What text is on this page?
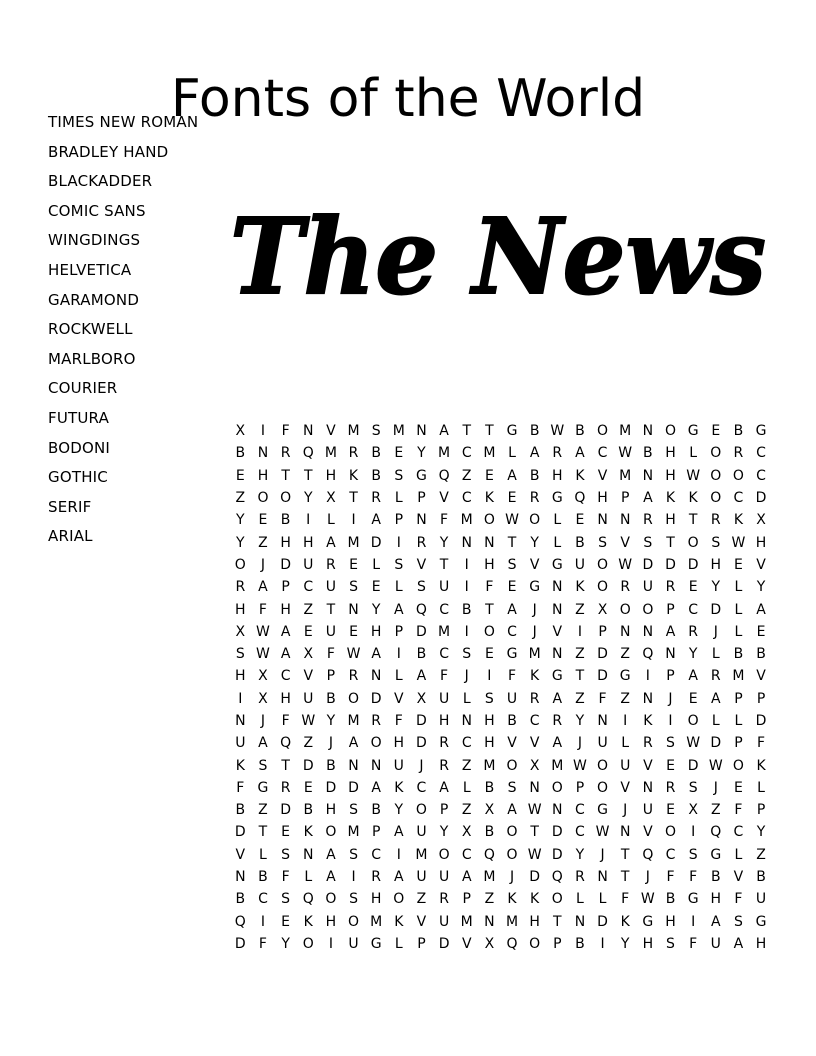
Fonts of the World
TIMES NEW ROMAN
BRADLEY HAND
BLACKADDER
COMIC SANS
WINGDINGS
HELVETICA
GARAMOND
ROCKWELL
MARLBORO
COURIER
FUTURA
BODONI
GOTHIC
SERIF
ARIAL
The News
X	I	F	N	V	M	S	M	N	A	T	T	G	B	W	B	O	M	N	O	G	E	B	G
B	N	R	Q	M	R	B	E	Y	M	C	M	L	A	R	A	C	W	B	H	L	O	R	C
E	H	T	T	H	K	B	S	G	Q	Z	E	A	B	H	K	V	M	N	H	W	O	O	C
Z	O	O	Y	X	T	R	L	P	V	C	K	E	R	G	Q	H	P	A	K	K	O	C	D
Y	E	B	I	L	I	A	P	N	F	M	O	W	O	L	E	N	N	R	H	T	R	K	X
Y	Z	H	H	A	M	D	I	R	Y	N	N	T	Y	L	B	S	V	S	T	O	S	W	H
O	J	D	U	R	E	L	S	V	T	I	H	S	V	G	U	O	W	D	D	D	H	E	V
R	A	P	C	U	S	E	L	S	U	I	F	E	G	N	K	O	R	U	R	E	Y	L	Y
H	F	H	Z	T	N	Y	A	Q	C	B	T	A	J	N	Z	X	O	O	P	C	D	L	A
X	W	A	E	U	E	H	P	D	M	I	O	C	J	V	I	P	N	N	A	R	J	L	E
S	W	A	X	F	W	A	I	B	C	S	E	G	M	N	Z	D	Z	Q	N	Y	L	B	B
H	X	C	V	P	R	N	L	A	F	J	I	F	K	G	T	D	G	I	P	A	R	M	V
I	X	H	U	B	O	D	V	X	U	L	S	U	R	A	Z	F	Z	N	J	E	A	P	P
N	J	F	W	Y	M	R	F	D	H	N	H	B	C	R	Y	N	I	K	I	O	L	L	D
U	A	Q	Z	J	A	O	H	D	R	C	H	V	V	A	J	U	L	R	S	W	D	P	F
K	S	T	D	B	N	N	U	J	R	Z	M	O	X	M	W	O	U	V	E	D	W	O	K
F	G	R	E	D	D	A	K	C	A	L	B	S	N	O	P	O	V	N	R	S	J	E	L
B	Z	D	B	H	S	B	Y	O	P	Z	X	A	W	N	C	G	J	U	E	X	Z	F	P
D	T	E	K	O	M	P	A	U	Y	X	B	O	T	D	C	W	N	V	O	I	Q	C	Y
V	L	S	N	A	S	C	I	M	O	C	Q	O	W	D	Y	J	T	Q	C	S	G	L	Z
N	B	F	L	A	I	R	A	U	U	A	M	J	D	Q	R	N	T	J	F	F	B	V	B
B	C	S	Q	O	S	H	O	Z	R	P	Z	K	K	O	L	L	F	W	B	G	H	F	U
Q	I	E	K	H	O	M	K	V	U	M	N	M	H	T	N	D	K	G	H	I	A	S	G
D	F	Y	O	I	U	G	L	P	D	V	X	Q	O	P	B	I	Y	H	S	F	U	A	H
